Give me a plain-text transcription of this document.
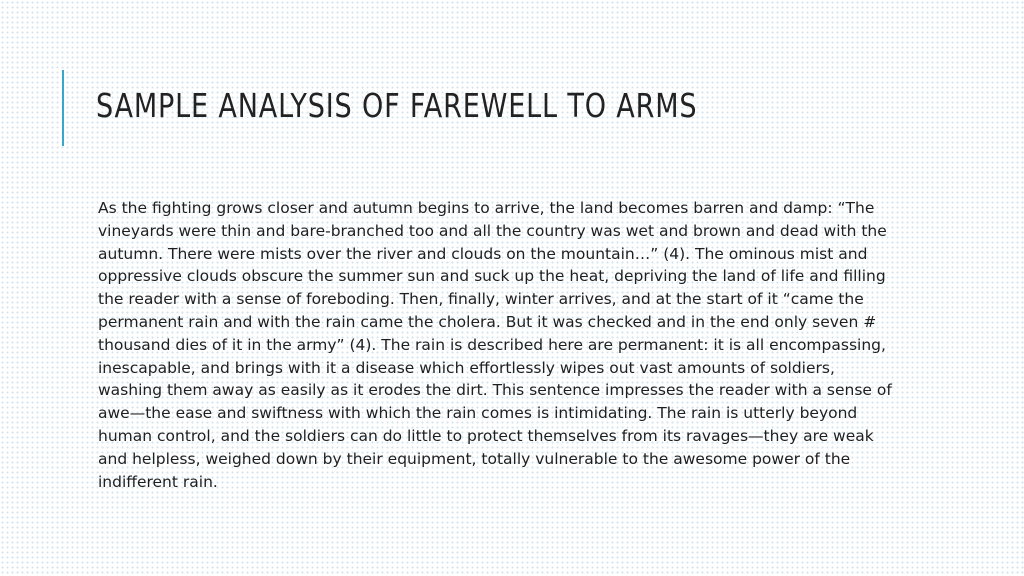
SAMPLE ANALYSIS OF FAREWELL TO ARMS

As the fighting grows closer and autumn begins to arrive, the land becomes barren and damp: “The vineyards were thin and bare-branched too and all the country was wet and brown and dead with the autumn. There were mists over the river and clouds on the mountain…” (4). The ominous mist and oppressive clouds obscure the summer sun and suck up the heat, depriving the land of life and filling the reader with a sense of foreboding. Then, finally, winter arrives, and at the start of it “came the permanent rain and with the rain came the cholera. But it was checked and in the end only seven # thousand dies of it in the army” (4). The rain is described here are permanent: it is all encompassing, inescapable, and brings with it a disease which effortlessly wipes out vast amounts of soldiers, washing them away as easily as it erodes the dirt. This sentence impresses the reader with a sense of awe—the ease and swiftness with which the rain comes is intimidating. The rain is utterly beyond human control, and the soldiers can do little to protect themselves from its ravages—they are weak and helpless, weighed down by their equipment, totally vulnerable to the awesome power of the indifferent rain.
